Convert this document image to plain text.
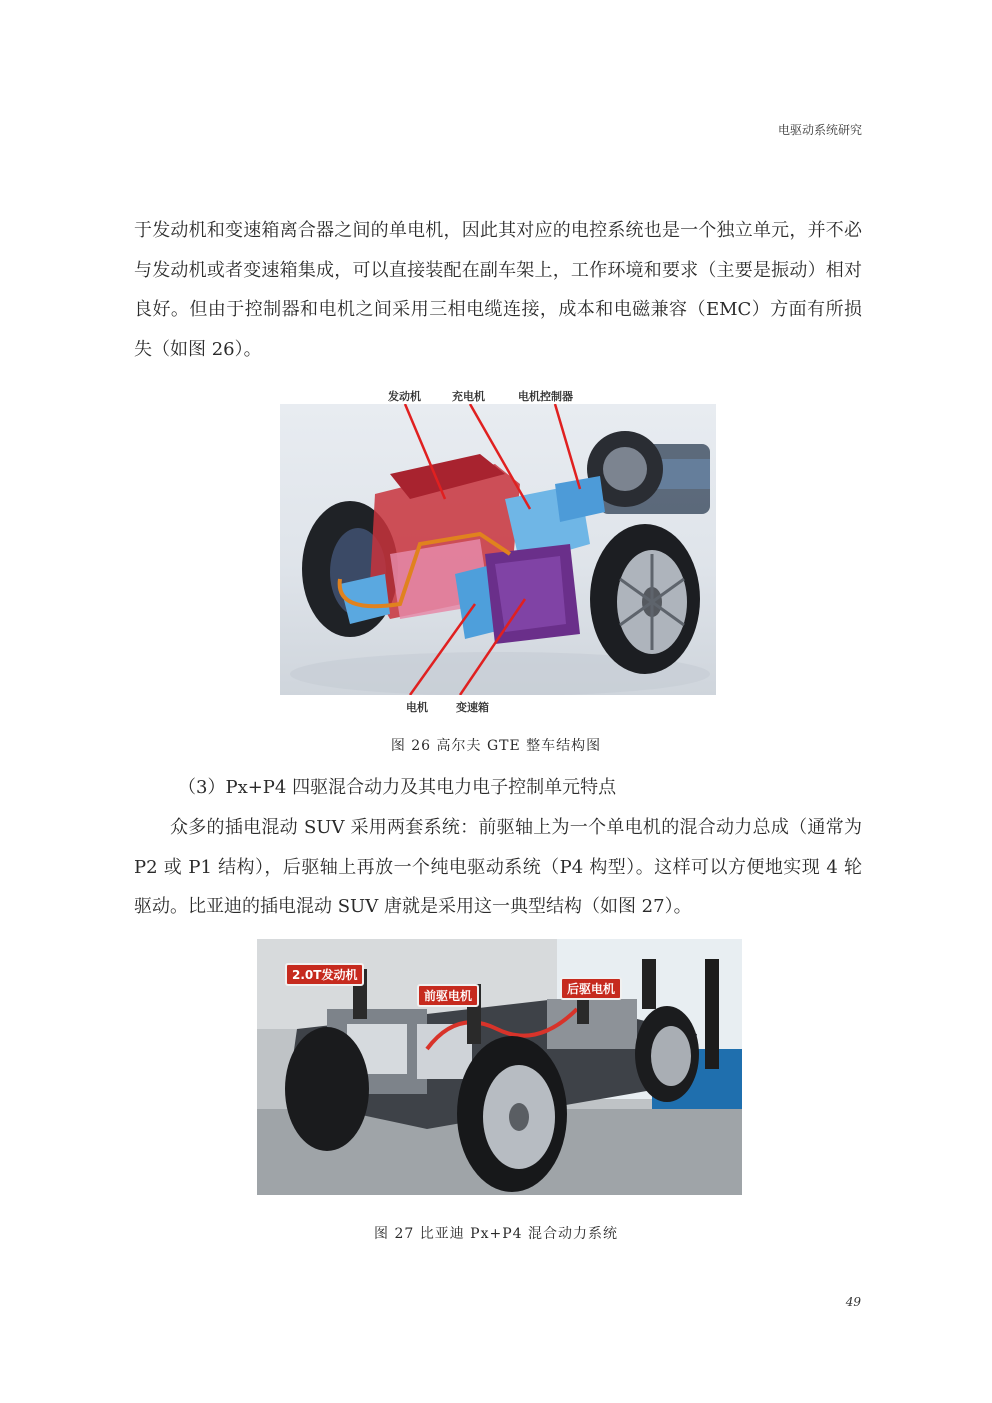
电驱动系统研究

于发动机和变速箱离合器之间的单电机，因此其对应的电控系统也是一个独立单元，并不必与发动机或者变速箱集成，可以直接装配在副车架上，工作环境和要求（主要是振动）相对良好。但由于控制器和电机之间采用三相电缆连接，成本和电磁兼容（EMC）方面有所损失（如图 26）。

发动机	充电机	电机控制器
电机	变速箱
图 26 高尔夫 GTE 整车结构图

（3）Px+P4 四驱混合动力及其电力电子控制单元特点

众多的插电混动 SUV 采用两套系统：前驱轴上为一个单电机的混合动力总成（通常为 P2 或 P1 结构），后驱轴上再放一个纯电驱动系统（P4 构型）。这样可以方便地实现 4 轮驱动。比亚迪的插电混动 SUV 唐就是采用这一典型结构（如图 27）。

2.0T发动机
前驱电机	后驱电机
图 27 比亚迪 Px+P4 混合动力系统
49
